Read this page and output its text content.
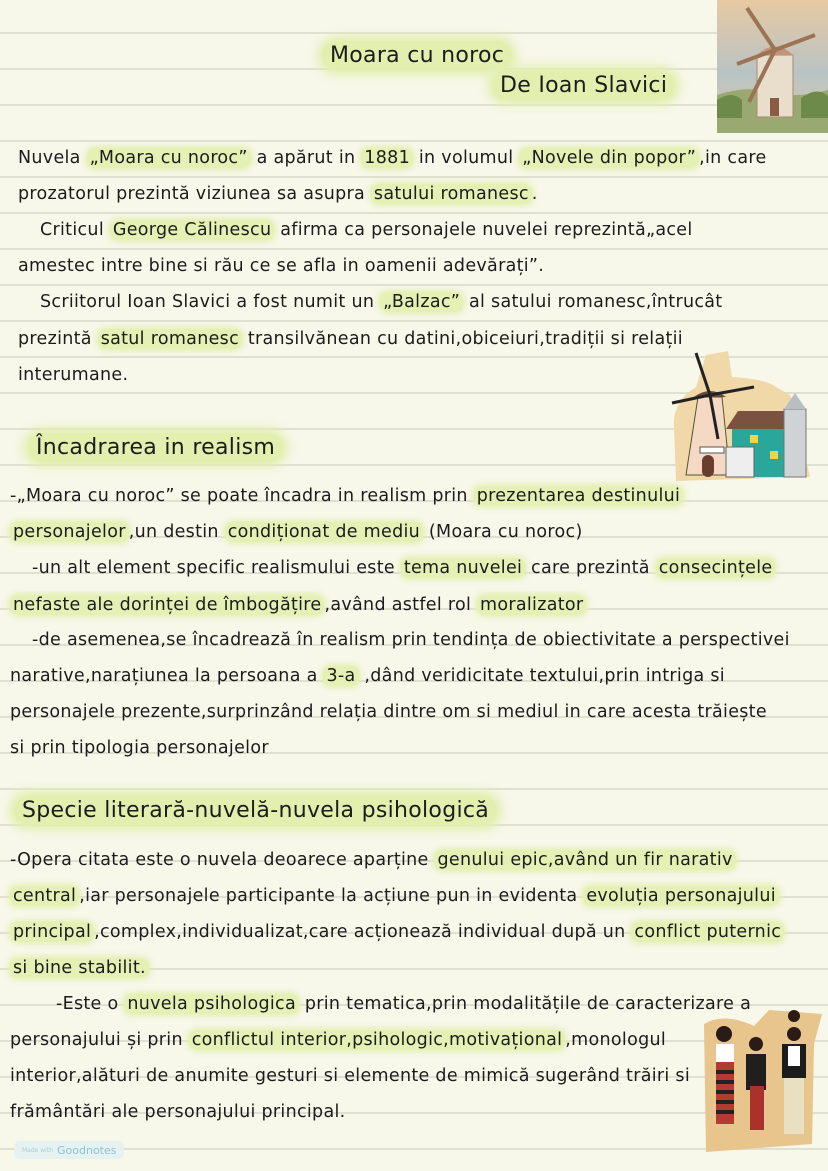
Moara cu noroc
De Ioan Slavici
Nuvela „Moara cu noroc” a apărut in 1881 in volumul „Novele din popor” ,in care
prozatorul prezintă viziunea sa asupra satului romanesc .
Criticul George Călinescu afirma ca personajele nuvelei reprezintă„acel
amestec intre bine si rău ce se afla in oamenii adevărați”.
Scriitorul Ioan Slavici a fost numit un „Balzac” al satului romanesc,întrucât
prezintă satul romanesc transilvănean cu datini,obiceiuri,tradiții si relații
interumane.
Încadrarea in realism
-„Moara cu noroc” se poate încadra in realism prin prezentarea destinului
personajelor ,un destin condiționat de mediu (Moara cu noroc)
-un alt element specific realismului este tema nuvelei care prezintă consecințele
nefaste ale dorinței de îmbogățire ,având astfel rol moralizator
-de asemenea,se încadrează în realism prin tendința de obiectivitate a perspectivei
narative,narațiunea la persoana a 3-a ,dând veridicitate textului,prin intriga si
personajele prezente,surprinzând relația dintre om si mediul in care acesta trăiește
si prin tipologia personajelor
Specie literară-nuvelă-nuvela psihologică
-Opera citata este o nuvela deoarece aparține genului epic,având un fir narativ
central ,iar personajele participante la acțiune pun in evidenta evoluția personajului
principal ,complex,individualizat,care acționează individual după un conflict puternic
si bine stabilit.
-Este o nuvela psihologica prin tematica,prin modalitățile de caracterizare a
personajului și prin conflictul interior,psihologic,motivațional ,monologul
interior,alături de anumite gesturi si elemente de mimică sugerând trăiri si
frământări ale personajului principal.
Made with Goodnotes
